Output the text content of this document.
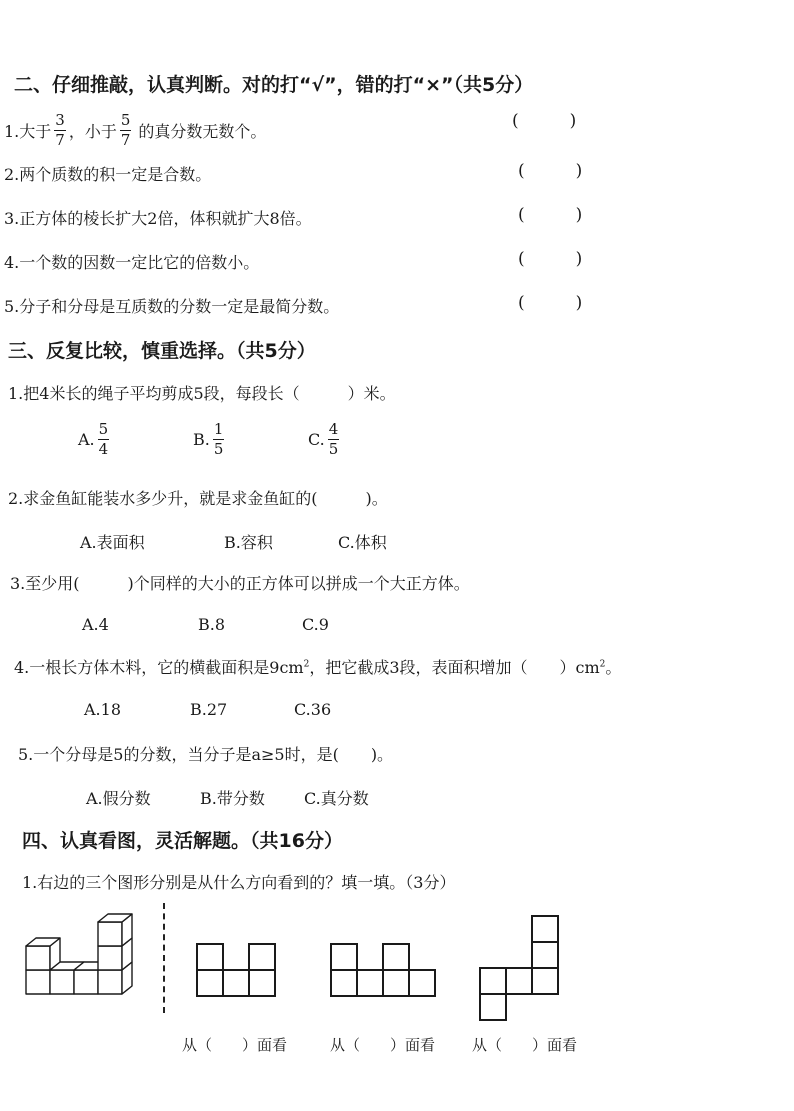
二、仔细推敲，认真判断。对的打“√”，错的打“×”（共5分）
1.大于 $\frac{3}{7}$ ，小于 $\frac{5}{7}$ 的真分数无数个。	(　　　)
2.两个质数的积一定是合数。	(　　　)
3.正方体的棱长扩大2倍，体积就扩大8倍。	(　　　)
4.一个数的因数一定比它的倍数小。	(　　　)
5.分子和分母是互质数的分数一定是最简分数。	(　　　)
三、反复比较，慎重选择。（共5分）
1.把4米长的绳子平均剪成5段，每段长（　　　）米。
A. $\frac{5}{4}$	B. $\frac{1}{5}$	C. $\frac{4}{5}$
2.求金鱼缸能装水多少升，就是求金鱼缸的(　　　)。
A.表面积	B.容积	C.体积
3.至少用(　　　)个同样的大小的正方体可以拼成一个大正方体。
A.4	B.8	C.9
4.一根长方体木料，它的横截面积是$9cm^2$，把它截成3段，表面积增加（　　）$cm^2$。
A.18	B.27	C.36
5.一个分母是5的分数，当分子是a≥5时，是(　　)。
A.假分数	B.带分数 C.真分数
四、认真看图，灵活解题。（共16分）
1.右边的三个图形分别是从什么方向看到的？填一填。（3分）
从（　　）面看	从（　　）面看 从（　　）面看
